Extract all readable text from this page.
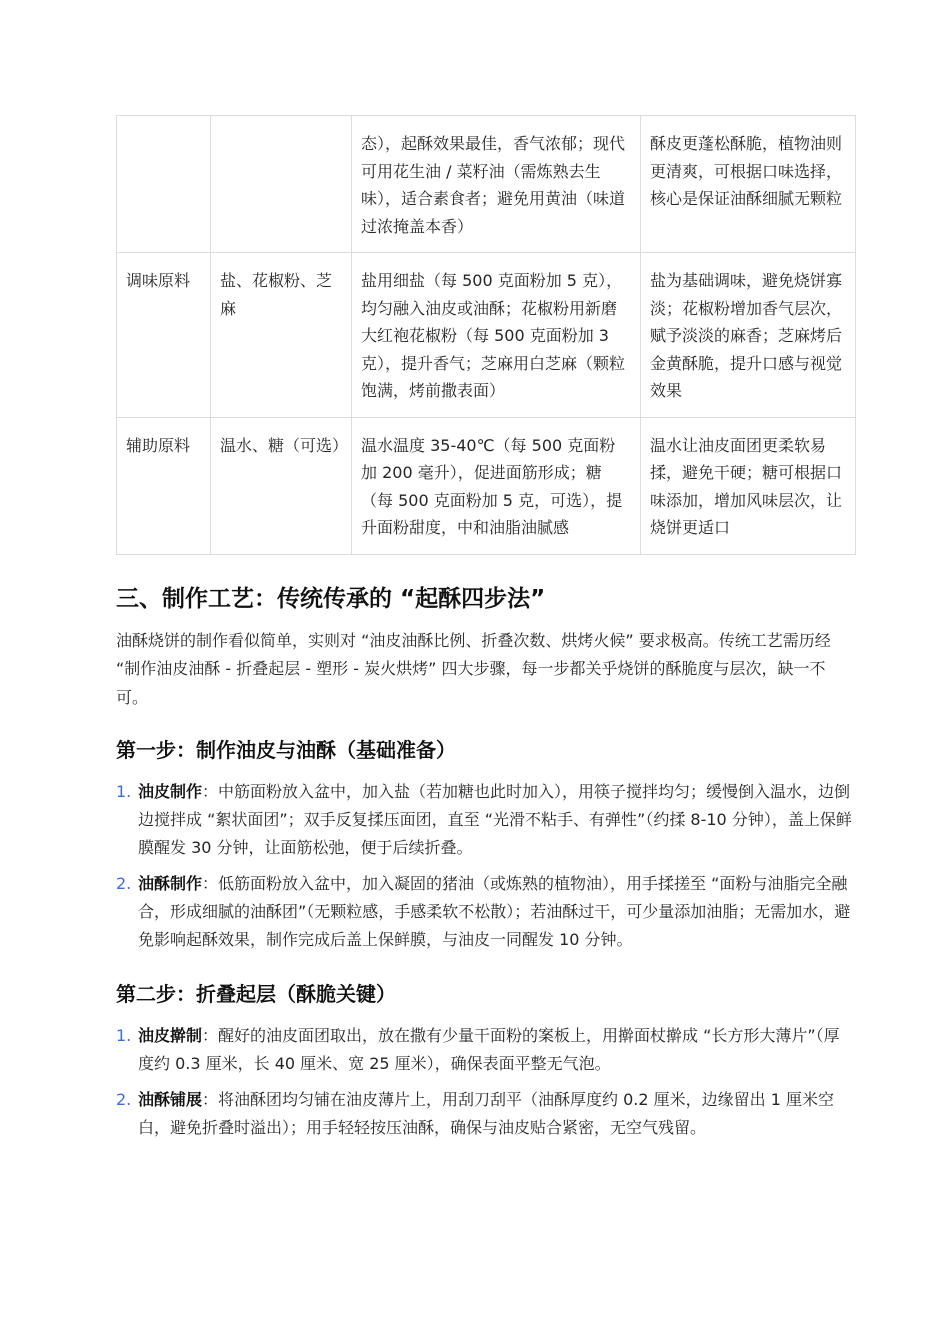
		态），起酥效果最佳，香气浓郁；现代可用花生油 / 菜籽油（需炼熟去生味），适合素食者；避免用黄油（味道过浓掩盖本香）	酥皮更蓬松酥脆，植物油则更清爽，可根据口味选择，核心是保证油酥细腻无颗粒
调味原料	盐、花椒粉、芝麻	盐用细盐（每 500 克面粉加 5 克），均匀融入油皮或油酥；花椒粉用新磨大红袍花椒粉（每 500 克面粉加 3 克），提升香气；芝麻用白芝麻（颗粒饱满，烤前撒表面）	盐为基础调味，避免烧饼寡淡；花椒粉增加香气层次，赋予淡淡的麻香；芝麻烤后金黄酥脆，提升口感与视觉效果
辅助原料	温水、糖（可选）	温水温度 35-40℃（每 500 克面粉加 200 毫升），促进面筋形成；糖（每 500 克面粉加 5 克，可选），提升面粉甜度，中和油脂油腻感	温水让油皮面团更柔软易揉，避免干硬；糖可根据口味添加，增加风味层次，让烧饼更适口
三、制作工艺：传统传承的 “起酥四步法”

油酥烧饼的制作看似简单，实则对 “油皮油酥比例、折叠次数、烘烤火候” 要求极高。传统工艺需历经 “制作油皮油酥 - 折叠起层 - 塑形 - 炭火烘烤” 四大步骤，每一步都关乎烧饼的酥脆度与层次，缺一不可。

第一步：制作油皮与油酥（基础准备）
1. 油皮制作：中筋面粉放入盆中，加入盐（若加糖也此时加入），用筷子搅拌均匀；缓慢倒入温水，边倒边搅拌成 “絮状面团”；双手反复揉压面团，直至 “光滑不粘手、有弹性”（约揉 8-10 分钟），盖上保鲜膜醒发 30 分钟，让面筋松弛，便于后续折叠。
2. 油酥制作：低筋面粉放入盆中，加入凝固的猪油（或炼熟的植物油），用手揉搓至 “面粉与油脂完全融合，形成细腻的油酥团”（无颗粒感，手感柔软不松散）；若油酥过干，可少量添加油脂；无需加水，避免影响起酥效果，制作完成后盖上保鲜膜，与油皮一同醒发 10 分钟。
第二步：折叠起层（酥脆关键）
1. 油皮擀制：醒好的油皮面团取出，放在撒有少量干面粉的案板上，用擀面杖擀成 “长方形大薄片”（厚度约 0.3 厘米，长 40 厘米、宽 25 厘米），确保表面平整无气泡。
2. 油酥铺展：将油酥团均匀铺在油皮薄片上，用刮刀刮平（油酥厚度约 0.2 厘米，边缘留出 1 厘米空白，避免折叠时溢出）；用手轻轻按压油酥，确保与油皮贴合紧密，无空气残留。
